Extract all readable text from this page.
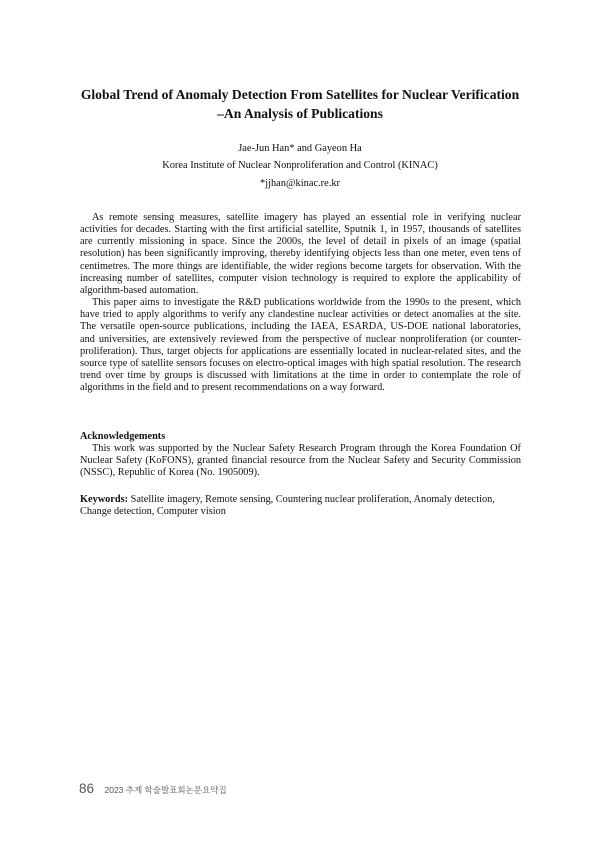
Global Trend of Anomaly Detection From Satellites for Nuclear Verification
–An Analysis of Publications
Jae-Jun Han* and Gayeon Ha
Korea Institute of Nuclear Nonproliferation and Control (KINAC)
*jjhan@kinac.re.kr

As remote sensing measures, satellite imagery has played an essential role in verifying nuclear activities for decades. Starting with the first artificial satellite, Sputnik 1, in 1957, thousands of satellites are currently missioning in space. Since the 2000s, the level of detail in pixels of an image (spatial resolution) has been significantly improving, thereby identifying objects less than one meter, even tens of centimetres. The more things are identifiable, the wider regions become targets for observation. With the increasing number of satellites, computer vision technology is required to explore the applicability of algorithm-based automation.

This paper aims to investigate the R&D publications worldwide from the 1990s to the present, which have tried to apply algorithms to verify any clandestine nuclear activities or detect anomalies at the site. The versatile open-source publications, including the IAEA, ESARDA, US-DOE national laboratories, and universities, are extensively reviewed from the perspective of nuclear nonproliferation (or counter-proliferation). Thus, target objects for applications are essentially located in nuclear-related sites, and the source type of satellite sensors focuses on electro-optical images with high spatial resolution. The research trend over time by groups is discussed with limitations at the time in order to contemplate the role of algorithms in the field and to present recommendations on a way forward.

Acknowledgements

This work was supported by the Nuclear Safety Research Program through the Korea Foundation Of Nuclear Safety (KoFONS), granted financial resource from the Nuclear Safety and Security Commission (NSSC), Republic of Korea (No. 1905009).

Keywords: Satellite imagery, Remote sensing, Countering nuclear proliferation, Anomaly detection, Change detection, Computer vision
86 2023 추계 학술발표회논문요약집
